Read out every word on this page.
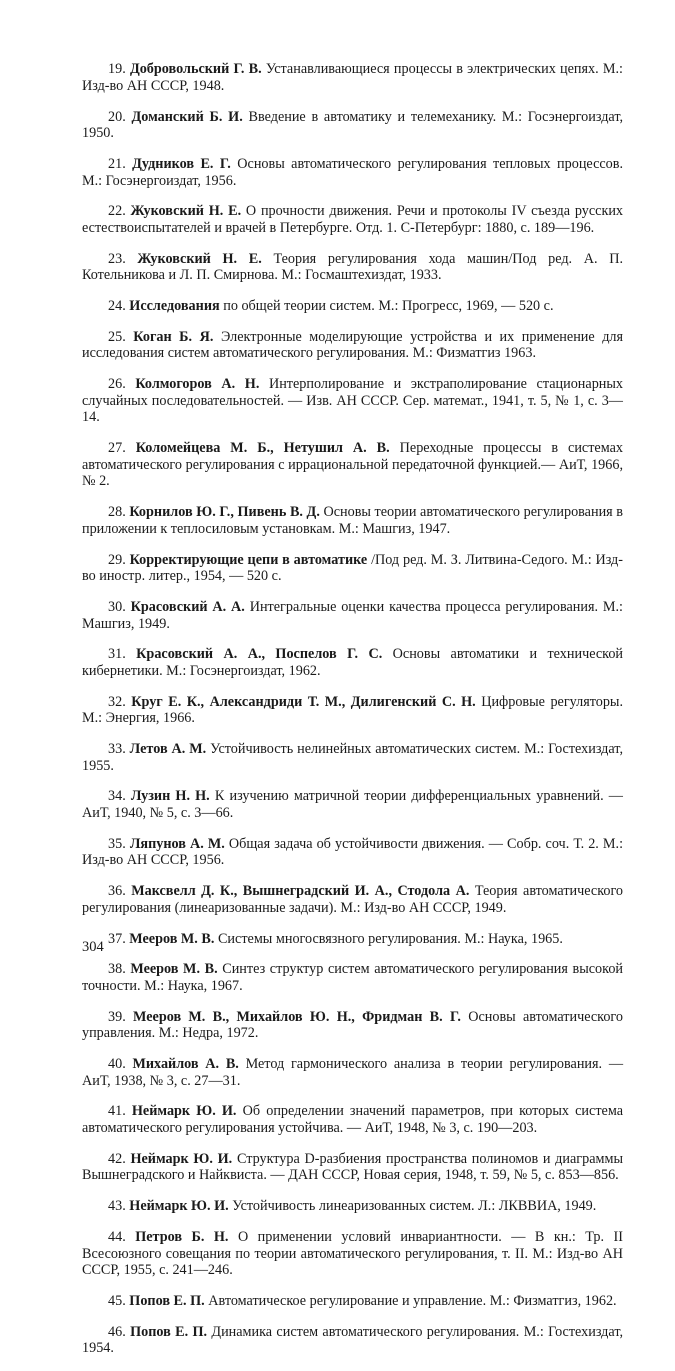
19. Добровольский Г. В. Устанавливающиеся процессы в электрических цепях. М.: Изд-во АН СССР, 1948.

20. Доманский Б. И. Введение в автоматику и телемеханику. М.: Госэнергоиздат, 1950.

21. Дудников Е. Г. Основы автоматического регулирования тепловых процессов. М.: Госэнергоиздат, 1956.

22. Жуковский Н. Е. О прочности движения. Речи и протоколы IV съезда русских естествоиспытателей и врачей в Петербурге. Отд. 1. С-Петербург: 1880, с. 189—196.

23. Жуковский Н. Е. Теория регулирования хода машин/Под ред. А. П. Котельникова и Л. П. Смирнова. М.: Госмаштехиздат, 1933.

24. Исследования по общей теории систем. М.: Прогресс, 1969, — 520 с.

25. Коган Б. Я. Электронные моделирующие устройства и их применение для исследования систем автоматического регулирования. М.: Физматгиз 1963.

26. Колмогоров А. Н. Интерполирование и экстраполирование стационарных случайных последовательностей. — Изв. АН СССР. Сер. математ., 1941, т. 5, № 1, с. 3—14.

27. Коломейцева М. Б., Нетушил А. В. Переходные процессы в системах автоматического регулирования с иррациональной передаточной функцией.— АиТ, 1966, № 2.

28. Корнилов Ю. Г., Пивень В. Д. Основы теории автоматического регулирования в приложении к теплосиловым установкам. М.: Машгиз, 1947.

29. Корректирующие цепи в автоматике /Под ред. М. З. Литвина-Седого. М.: Изд-во иностр. литер., 1954, — 520 с.

30. Красовский А. А. Интегральные оценки качества процесса регулирования. М.: Машгиз, 1949.

31. Красовский А. А., Поспелов Г. С. Основы автоматики и технической кибернетики. М.: Госэнергоиздат, 1962.

32. Круг Е. К., Александриди Т. М., Дилигенский С. Н. Цифровые регуляторы. М.: Энергия, 1966.

33. Летов А. М. Устойчивость нелинейных автоматических систем. М.: Гостехиздат, 1955.

34. Лузин Н. Н. К изучению матричной теории дифференциальных уравнений. — АиТ, 1940, № 5, с. 3—66.

35. Ляпунов А. М. Общая задача об устойчивости движения. — Собр. соч. Т. 2. М.: Изд-во АН СССР, 1956.

36. Максвелл Д. К., Вышнеградский И. А., Стодола А. Теория автоматического регулирования (линеаризованные задачи). М.: Изд-во АН СССР, 1949.

37. Мееров М. В. Системы многосвязного регулирования. М.: Наука, 1965.

38. Мееров М. В. Синтез структур систем автоматического регулирования высокой точности. М.: Наука, 1967.

39. Мееров М. В., Михайлов Ю. Н., Фридман В. Г. Основы автоматического управления. М.: Недра, 1972.

40. Михайлов А. В. Метод гармонического анализа в теории регулирования. — АиТ, 1938, № 3, с. 27—31.

41. Неймарк Ю. И. Об определении значений параметров, при которых система автоматического регулирования устойчива. — АиТ, 1948, № 3, с. 190—203.

42. Неймарк Ю. И. Структура D-разбиения пространства полиномов и диаграммы Вышнеградского и Найквиста. — ДАН СССР, Новая серия, 1948, т. 59, № 5, с. 853—856.

43. Неймарк Ю. И. Устойчивость линеаризованных систем. Л.: ЛКВВИА, 1949.

44. Петров Б. Н. О применении условий инвариантности. — В кн.: Тр. II Всесоюзного совещания по теории автоматического регулирования, т. II. М.: Изд-во АН СССР, 1955, с. 241—246.

45. Попов Е. П. Автоматическое регулирование и управление. М.: Физматгиз, 1962.

46. Попов Е. П. Динамика систем автоматического регулирования. М.: Гостехиздат, 1954.

304
